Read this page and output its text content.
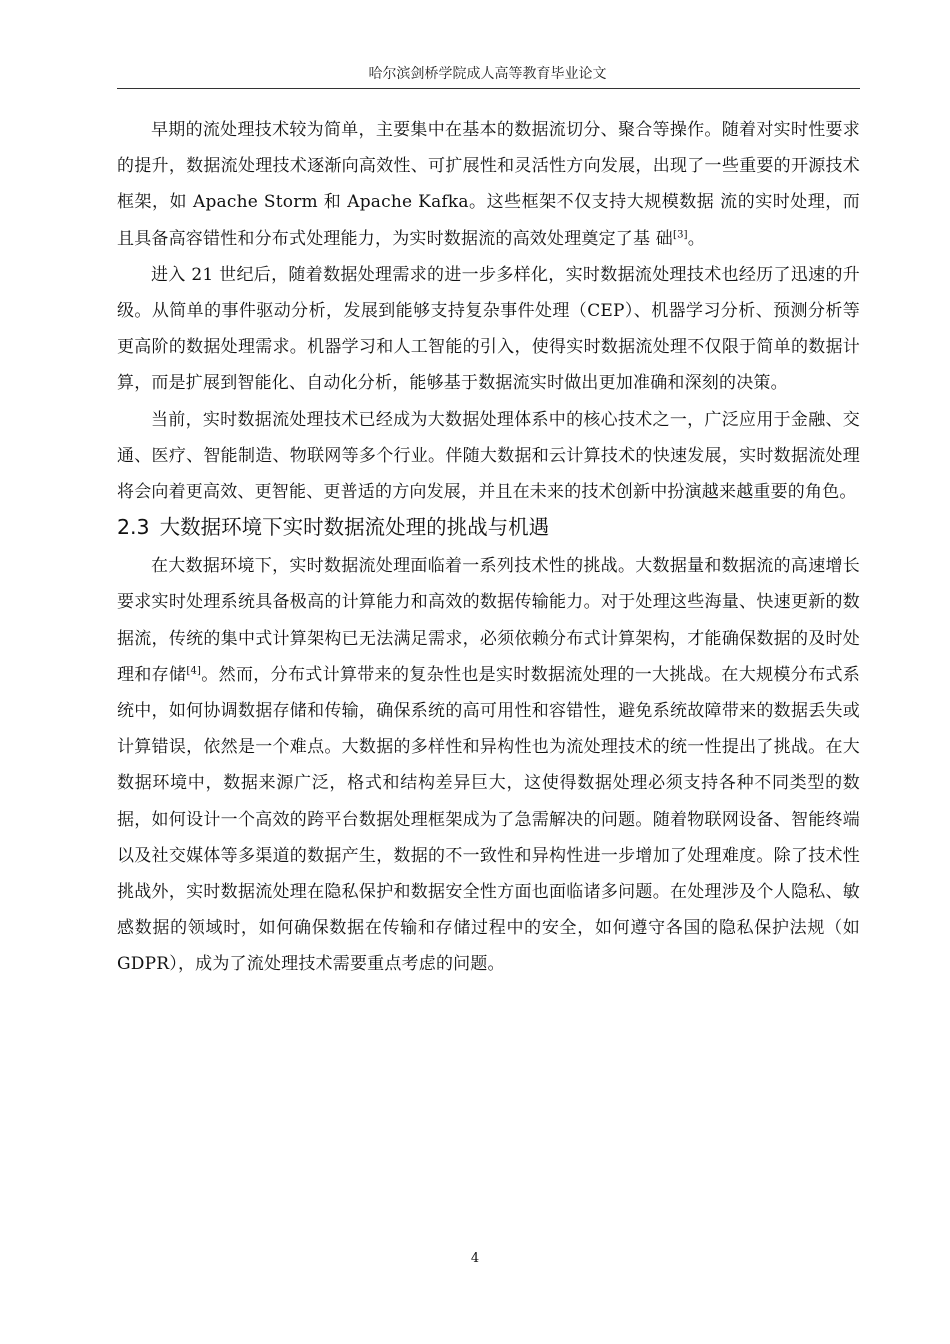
哈尔滨剑桥学院成人高等教育毕业论文

早期的流处理技术较为简单，主要集中在基本的数据流切分、聚合等操作。随着对实时性要求的提升，数据流处理技术逐渐向高效性、可扩展性和灵活性方向发展，出现了一些重要的开源技术框架，如 Apache Storm 和 Apache Kafka。这些框架不仅支持大规模数据 流的实时处理，而且具备高容错性和分布式处理能力，为实时数据流的高效处理奠定了基 础[3]。

进入 21 世纪后，随着数据处理需求的进一步多样化，实时数据流处理技术也经历了迅速的升级。从简单的事件驱动分析，发展到能够支持复杂事件处理（CEP）、机器学习分析、预测分析等更高阶的数据处理需求。机器学习和人工智能的引入，使得实时数据流处理不仅限于简单的数据计算，而是扩展到智能化、自动化分析，能够基于数据流实时做出更加准确和深刻的决策。

当前，实时数据流处理技术已经成为大数据处理体系中的核心技术之一，广泛应用于金融、交通、医疗、智能制造、物联网等多个行业。伴随大数据和云计算技术的快速发展，实时数据流处理将会向着更高效、更智能、更普适的方向发展，并且在未来的技术创新中扮演越来越重要的角色。

2.3 大数据环境下实时数据流处理的挑战与机遇

在大数据环境下，实时数据流处理面临着一系列技术性的挑战。大数据量和数据流的高速增长要求实时处理系统具备极高的计算能力和高效的数据传输能力。对于处理这些海量、快速更新的数据流，传统的集中式计算架构已无法满足需求，必须依赖分布式计算架构，才能确保数据的及时处理和存储[4]。然而，分布式计算带来的复杂性也是实时数据流处理的一大挑战。在大规模分布式系统中，如何协调数据存储和传输，确保系统的高可用性和容错性，避免系统故障带来的数据丢失或计算错误，依然是一个难点。大数据的多样性和异构性也为流处理技术的统一性提出了挑战。在大数据环境中，数据来源广泛，格式和结构差异巨大，这使得数据处理必须支持各种不同类型的数据，如何设计一个高效的跨平台数据处理框架成为了急需解决的问题。随着物联网设备、智能终端以及社交媒体等多渠道的数据产生，数据的不一致性和异构性进一步增加了处理难度。除了技术性挑战外，实时数据流处理在隐私保护和数据安全性方面也面临诸多问题。在处理涉及个人隐私、敏感数据的领域时，如何确保数据在传输和存储过程中的安全，如何遵守各国的隐私保护法规（如 GDPR），成为了流处理技术需要重点考虑的问题。

4
